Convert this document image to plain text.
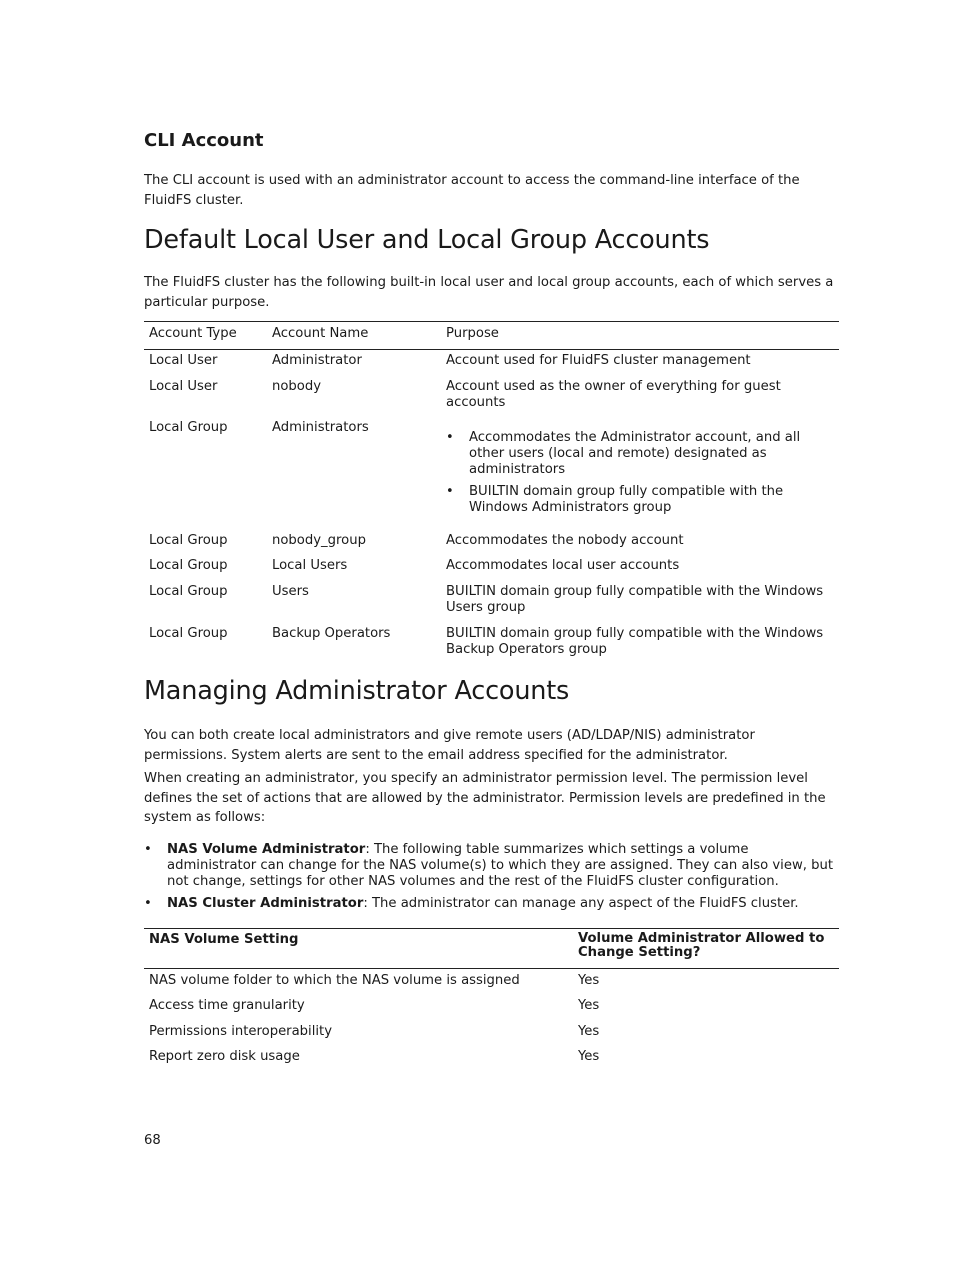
CLI Account

The CLI account is used with an administrator account to access the command-line interface of the FluidFS cluster.

Default Local User and Local Group Accounts

The FluidFS cluster has the following built-in local user and local group accounts, each of which serves a particular purpose.

Account Type	Account Name	Purpose
Local User	Administrator	Account used for FluidFS cluster management
Local User	nobody	Account used as the owner of everything for guest accounts
Local Group	Administrators
• Accommodates the Administrator account, and all other users (local and remote) designated as administrators
• BUILTIN domain group fully compatible with the Windows Administrators group
Local Group	nobody_group	Accommodates the nobody account
Local Group	Local Users	Accommodates local user accounts
Local Group	Users	BUILTIN domain group fully compatible with the Windows Users group
Local Group	Backup Operators	BUILTIN domain group fully compatible with the Windows Backup Operators group
Managing Administrator Accounts

You can both create local administrators and give remote users (AD/LDAP/NIS) administrator permissions. System alerts are sent to the email address specified for the administrator.

When creating an administrator, you specify an administrator permission level. The permission level defines the set of actions that are allowed by the administrator. Permission levels are predefined in the system as follows:

• NAS Volume Administrator: The following table summarizes which settings a volume administrator can change for the NAS volume(s) to which they are assigned. They can also view, but not change, settings for other NAS volumes and the rest of the FluidFS cluster configuration.
• NAS Cluster Administrator: The administrator can manage any aspect of the FluidFS cluster.
NAS Volume Setting	Volume Administrator Allowed to Change Setting?
NAS volume folder to which the NAS volume is assigned	Yes
Access time granularity	Yes
Permissions interoperability	Yes
Report zero disk usage	Yes
68
